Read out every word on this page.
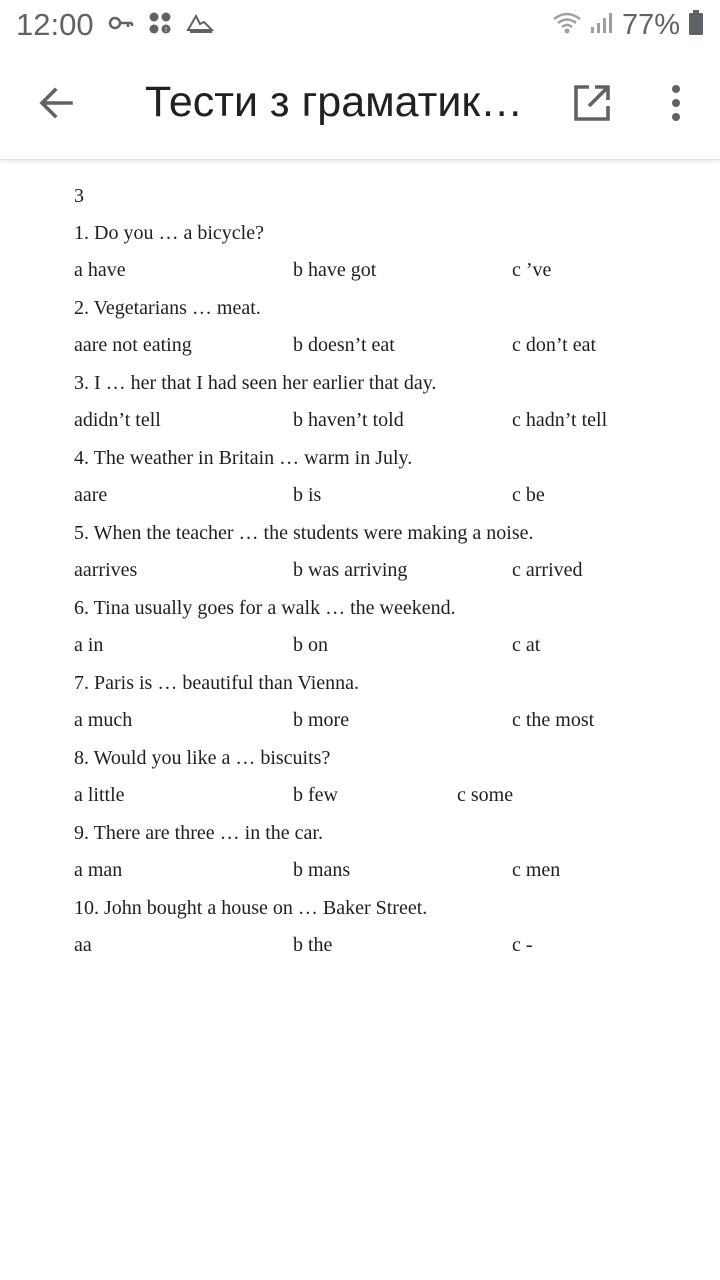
12:00	!	77%
Тести з граматик…
3
1. Do you … a bicycle?
a have	b have got	c ’ve
2. Vegetarians … meat.
aare not eating	b doesn’t eat	c don’t eat
3. I … her that I had seen her earlier that day.
adidn’t tell	b haven’t told	c hadn’t tell
4. The weather in Britain … warm in July.
aare	b is	c be
5. When the teacher … the students were making a noise.
aarrives	b was arriving	c arrived
6. Tina usually goes for a walk … the weekend.
a in	b on	c at
7. Paris is … beautiful than Vienna.
a much	b more	c the most
8. Would you like a … biscuits?
a little	b few	c some
9. There are three … in the car.
a man	b mans	c men
10. John bought a house on … Baker Street.
aa	b the	c -
